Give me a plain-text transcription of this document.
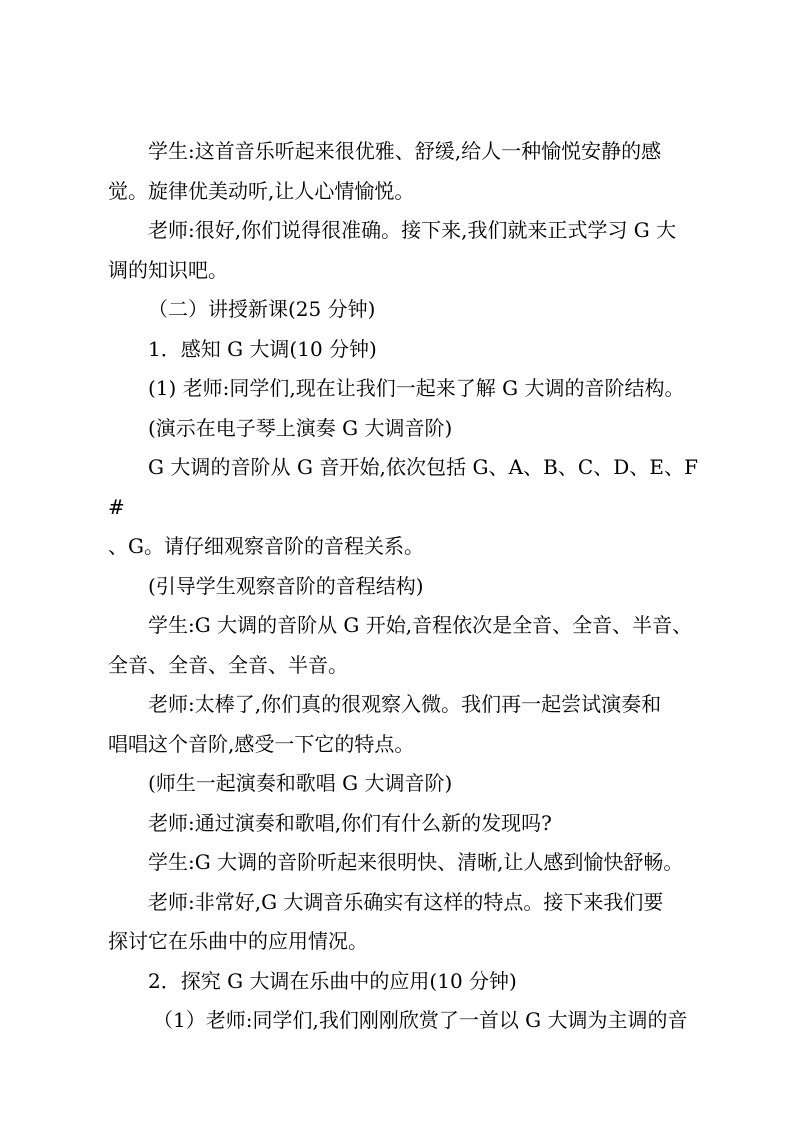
学生:这首音乐听起来很优雅、舒缓,给人一种愉悦安静的感

觉。旋律优美动听,让人心情愉悦。

老师:很好,你们说得很准确。接下来,我们就来正式学习 G 大

调的知识吧。

（二）讲授新课(25 分钟)

1．感知 G 大调(10 分钟)

(1) 老师:同学们,现在让我们一起来了解 G 大调的音阶结构。

(演示在电子琴上演奏 G 大调音阶)

G 大调的音阶从 G 音开始,依次包括 G、A、B、C、D、E、F#

、G。请仔细观察音阶的音程关系。

(引导学生观察音阶的音程结构)

学生:G 大调的音阶从 G 开始,音程依次是全音、全音、半音、

全音、全音、全音、半音。

老师:太棒了,你们真的很观察入微。我们再一起尝试演奏和

唱唱这个音阶,感受一下它的特点。

(师生一起演奏和歌唱 G 大调音阶)

老师:通过演奏和歌唱,你们有什么新的发现吗?

学生:G 大调的音阶听起来很明快、清晰,让人感到愉快舒畅。

老师:非常好,G 大调音乐确实有这样的特点。接下来我们要

探讨它在乐曲中的应用情况。

2．探究 G 大调在乐曲中的应用(10 分钟)

（1）老师:同学们,我们刚刚欣赏了一首以 G 大调为主调的音
